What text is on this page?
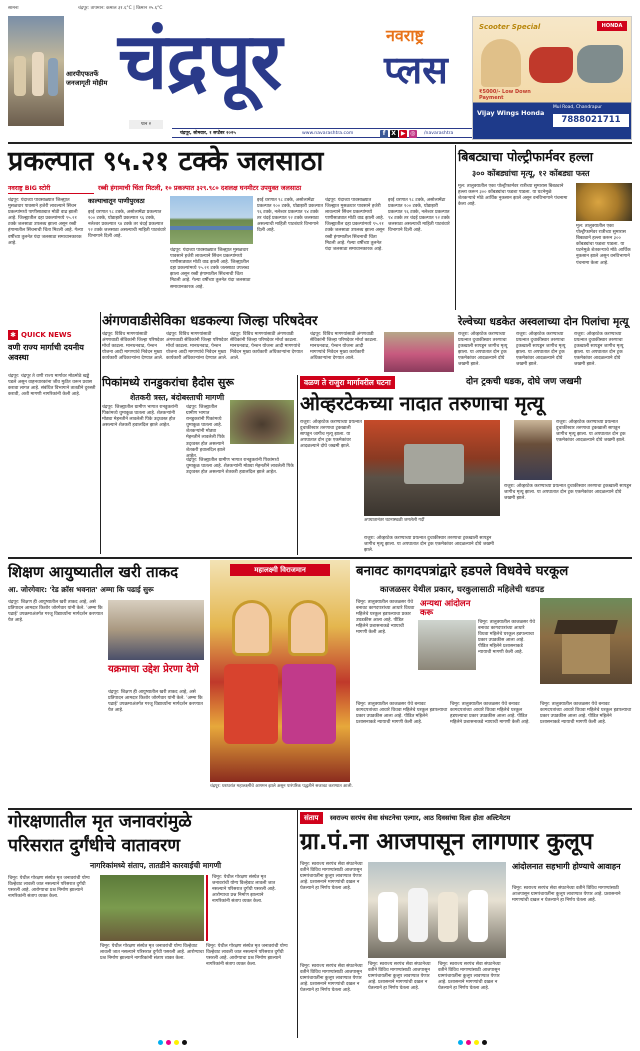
सामना	चंद्रपूर: तापमान: कमाल ३१.६°C | किमान २५.६°C
आरपीएफतर्फे जनजागृती मोहीम चंद्रपूर	नवराष्ट्र
प्लस
पान २
चंद्रपूर, सोमवार, १ सप्टेंबर २०२५	www.navarashtra.com	f X ▶ ◎ /navarashtra
Scooter Special	HONDA
₹5000/- Low Down Payment
Vijay Wings Honda
Mul Road, Chandrapur
7888021711
प्रकल्पात ९५.२१ टक्के जलसाठा
नवराष्ट्र BIG स्टोरी	रब्बी हंगामाची चिंता मिटली, १० प्रकल्पात ३२९.९८० दशलक्ष घनमीटर उपयुक्त जलसाठा
चंद्रपूर: यंदाच्या पावसाळ्यात जिल्ह्यात मुसळधार पावसाने हजेरी लावल्याने सिंचन प्रकल्पांमध्ये पाणीसाठ्यात मोठी वाढ झाली आहे. जिल्ह्यातील दहा प्रकल्पांमध्ये ९५.२१ टक्के जलसाठा उपलब्ध झाला असून रब्बी हंगामातील सिंचनाची चिंता मिटली आहे. गेल्या वर्षीच्या तुलनेत यंदा जलसाठा समाधानकारक आहे.
काल्याचातून पाणीपुरवठा
इरई धरणात ९८ टक्के, असोलामेंढा प्रकल्पात १०० टक्के, घोडाझरी प्रकल्पात ९६ टक्के, नलेश्वर प्रकल्पात ९४ टक्के तर चंदई प्रकल्पात ९२ टक्के जलसाठा असल्याची माहिती पाटबंधारे विभागाने दिली आहे.
चंद्रपूर: यंदाच्या पावसाळ्यात जिल्ह्यात मुसळधार पावसाने हजेरी लावल्याने सिंचन प्रकल्पांमध्ये पाणीसाठ्यात मोठी वाढ झाली आहे. जिल्ह्यातील दहा प्रकल्पांमध्ये ९५.२१ टक्के जलसाठा उपलब्ध झाला असून रब्बी हंगामातील सिंचनाची चिंता मिटली आहे. गेल्या वर्षीच्या तुलनेत यंदा जलसाठा समाधानकारक आहे.
इरई धरणात ९८ टक्के, असोलामेंढा प्रकल्पात १०० टक्के, घोडाझरी प्रकल्पात ९६ टक्के, नलेश्वर प्रकल्पात ९४ टक्के तर चंदई प्रकल्पात ९२ टक्के जलसाठा असल्याची माहिती पाटबंधारे विभागाने दिली आहे.
चंद्रपूर: यंदाच्या पावसाळ्यात जिल्ह्यात मुसळधार पावसाने हजेरी लावल्याने सिंचन प्रकल्पांमध्ये पाणीसाठ्यात मोठी वाढ झाली आहे. जिल्ह्यातील दहा प्रकल्पांमध्ये ९५.२१ टक्के जलसाठा उपलब्ध झाला असून रब्बी हंगामातील सिंचनाची चिंता मिटली आहे. गेल्या वर्षीच्या तुलनेत यंदा जलसाठा समाधानकारक आहे.
इरई धरणात ९८ टक्के, असोलामेंढा प्रकल्पात १०० टक्के, घोडाझरी प्रकल्पात ९६ टक्के, नलेश्वर प्रकल्पात ९४ टक्के तर चंदई प्रकल्पात ९२ टक्के जलसाठा असल्याची माहिती पाटबंधारे विभागाने दिली आहे.
बिबट्याचा पोल्ट्रीफार्मवर हल्ला
३०० कोंबड्यांचा मृत्यू, १२ कोंबड्या फस्त
मूल: तालुक्यातील एका पोल्ट्रीफार्मवर रात्रीच्या सुमारास बिबट्याने हल्ला करून ३०० कोंबड्यांचा फडशा पाडला. या घटनेमुळे शेतकऱ्याचे मोठे आर्थिक नुकसान झाले असून वनविभागाने पंचनामा केला आहे.
मूल: तालुक्यातील एका पोल्ट्रीफार्मवर रात्रीच्या सुमारास बिबट्याने हल्ला करून ३०० कोंबड्यांचा फडशा पाडला. या घटनेमुळे शेतकऱ्याचे मोठे आर्थिक नुकसान झाले असून वनविभागाने पंचनामा केला आहे.
✱ QUICK NEWS
वणी राज्य मार्गाची दयनीय अवस्था
चंद्रपूर: चंद्रपूर ते वणी राज्य मार्गावर मोठमोठे खड्डे पडले असून वाहनधारकांना जीव मुठीत धरून प्रवास करावा लागत आहे. संबंधित विभागाने तातडीने दुरुस्ती करावी, अशी मागणी नागरिकांनी केली आहे.
अंगणवाडीसेविका धडकल्या जिल्हा परिषदेवर
चंद्रपूर: विविध मागण्यांसाठी अंगणवाडी सेविकांनी जिल्हा परिषदेवर मोर्चा काढला. मानधनवाढ, पेन्शन योजना आदी मागण्यांचे निवेदन मुख्य कार्यकारी अधिकाऱ्यांना देण्यात आले.
चंद्रपूर: विविध मागण्यांसाठी अंगणवाडी सेविकांनी जिल्हा परिषदेवर मोर्चा काढला. मानधनवाढ, पेन्शन योजना आदी मागण्यांचे निवेदन मुख्य कार्यकारी अधिकाऱ्यांना देण्यात आले.
चंद्रपूर: विविध मागण्यांसाठी अंगणवाडी सेविकांनी जिल्हा परिषदेवर मोर्चा काढला. मानधनवाढ, पेन्शन योजना आदी मागण्यांचे निवेदन मुख्य कार्यकारी अधिकाऱ्यांना देण्यात आले.
चंद्रपूर: विविध मागण्यांसाठी अंगणवाडी सेविकांनी जिल्हा परिषदेवर मोर्चा काढला. मानधनवाढ, पेन्शन योजना आदी मागण्यांचे निवेदन मुख्य कार्यकारी अधिकाऱ्यांना देण्यात आले.
रेल्वेच्या धडकेत अस्वलाच्या दोन पिलांचा मृत्यू
राजुरा: ओव्हरटेक करण्याच्या प्रयत्नात दुचाकीस्वार तरुणाचा ट्रकखाली सापडून जागीच मृत्यू झाला. या अपघातात दोन ट्रक एकमेकांवर आदळल्याने दोघे जखमी झाले.
राजुरा: ओव्हरटेक करण्याच्या प्रयत्नात दुचाकीस्वार तरुणाचा ट्रकखाली सापडून जागीच मृत्यू झाला. या अपघातात दोन ट्रक एकमेकांवर आदळल्याने दोघे जखमी झाले.
राजुरा: ओव्हरटेक करण्याच्या प्रयत्नात दुचाकीस्वार तरुणाचा ट्रकखाली सापडून जागीच मृत्यू झाला. या अपघातात दोन ट्रक एकमेकांवर आदळल्याने दोघे जखमी झाले.
पिकांमध्ये रानडुकरांचा हैदोस सुरू
शेतकरी त्रस्त, बंदोबस्ताची मागणी
चंद्रपूर: जिल्ह्यातील ग्रामीण भागात रानडुकरांनी पिकांमध्ये धुमाकूळ घातला आहे. शेतकऱ्यांनी मोठ्या मेहनतीने लावलेली पिके उद्ध्वस्त होत असल्याने शेतकरी हवालदिल झाले आहेत.
चंद्रपूर: जिल्ह्यातील ग्रामीण भागात रानडुकरांनी पिकांमध्ये धुमाकूळ घातला आहे. शेतकऱ्यांनी मोठ्या मेहनतीने लावलेली पिके उद्ध्वस्त होत असल्याने शेतकरी हवालदिल झाले आहेत.
चंद्रपूर: जिल्ह्यातील ग्रामीण भागात रानडुकरांनी पिकांमध्ये धुमाकूळ घातला आहे. शेतकऱ्यांनी मोठ्या मेहनतीने लावलेली पिके उद्ध्वस्त होत असल्याने शेतकरी हवालदिल झाले आहेत.
वळण ते राजुरा मार्गावरील घटना	दोन ट्रकची धडक, दोघे जण जखमी
ओव्हरटेकच्या नादात तरुणाचा मृत्यू
राजुरा: ओव्हरटेक करण्याच्या प्रयत्नात दुचाकीस्वार तरुणाचा ट्रकखाली सापडून जागीच मृत्यू झाला. या अपघातात दोन ट्रक एकमेकांवर आदळल्याने दोघे जखमी झाले.
अपघातानंतर घटनास्थळी जमलेली गर्दी
राजुरा: ओव्हरटेक करण्याच्या प्रयत्नात दुचाकीस्वार तरुणाचा ट्रकखाली सापडून जागीच मृत्यू झाला. या अपघातात दोन ट्रक एकमेकांवर आदळल्याने दोघे जखमी झाले.
राजुरा: ओव्हरटेक करण्याच्या प्रयत्नात दुचाकीस्वार तरुणाचा ट्रकखाली सापडून जागीच मृत्यू झाला. या अपघातात दोन ट्रक एकमेकांवर आदळल्याने दोघे जखमी झाले.
राजुरा: ओव्हरटेक करण्याच्या प्रयत्नात दुचाकीस्वार तरुणाचा ट्रकखाली सापडून जागीच मृत्यू झाला. या अपघातात दोन ट्रक एकमेकांवर आदळल्याने दोघे जखमी झाले.
शिक्षण आयुष्यातील खरी ताकद
आ. जोरगेवार: 'रेड क्रॉस भवनात' अम्मा कि पढाई सुरू
चंद्रपूर: शिक्षण ही आयुष्यातील खरी ताकद आहे, असे प्रतिपादन आमदार किशोर जोरगेवार यांनी केले. 'अम्मा कि पढाई' उपक्रमाअंतर्गत गरजू विद्यार्थ्यांना मार्गदर्शन करण्यात येत आहे.
यक्रमाचा उद्देश प्रेरणा देणे
चंद्रपूर: शिक्षण ही आयुष्यातील खरी ताकद आहे, असे प्रतिपादन आमदार किशोर जोरगेवार यांनी केले. 'अम्मा कि पढाई' उपक्रमाअंतर्गत गरजू विद्यार्थ्यांना मार्गदर्शन करण्यात येत आहे.
महालक्ष्मी विराजमान
चंद्रपूर: घराघरांत महालक्ष्मींचे आगमन झाले असून पारंपरिक पद्धतीने सजावट करण्यात आली.
बनावट कागदपत्रांद्वारे हडपले विधवेचे घरकूल
काजळसर येथील प्रकार, घरकुलासाठी महिलेची धडपड
चिमूर: तालुक्यातील काजळसर येथे बनावट कागदपत्रांच्या आधारे विधवा महिलेचे घरकूल हडपल्याचा प्रकार उघडकीस आला आहे. पीडित महिलेने प्रशासनाकडे न्यायाची मागणी केली आहे.
अन्यथा आंदोलन करू
चिमूर: तालुक्यातील काजळसर येथे बनावट कागदपत्रांच्या आधारे विधवा महिलेचे घरकूल हडपल्याचा प्रकार उघडकीस आला आहे. पीडित महिलेने प्रशासनाकडे न्यायाची मागणी केली आहे.
चिमूर: तालुक्यातील काजळसर येथे बनावट कागदपत्रांच्या आधारे विधवा महिलेचे घरकूल हडपल्याचा प्रकार उघडकीस आला आहे. पीडित महिलेने प्रशासनाकडे न्यायाची मागणी केली आहे.
चिमूर: तालुक्यातील काजळसर येथे बनावट कागदपत्रांच्या आधारे विधवा महिलेचे घरकूल हडपल्याचा प्रकार उघडकीस आला आहे. पीडित महिलेने प्रशासनाकडे न्यायाची मागणी केली आहे.
चिमूर: तालुक्यातील काजळसर येथे बनावट कागदपत्रांच्या आधारे विधवा महिलेचे घरकूल हडपल्याचा प्रकार उघडकीस आला आहे. पीडित महिलेने प्रशासनाकडे न्यायाची मागणी केली आहे.
गोरक्षणातील मृत जनावरांमुळे
परिसरात दुर्गंधीचे वातावरण
नागरिकांमध्ये संताप, तातडीने कारवाईची मागणी
चिमूर: येथील गोरक्षण संस्थेत मृत जनावरांची योग्य विल्हेवाट लावली जात नसल्याने परिसरात दुर्गंधी पसरली आहे. आरोग्याचा प्रश्न निर्माण झाल्याने नागरिकांनी संताप व्यक्त केला.
चिमूर: येथील गोरक्षण संस्थेत मृत जनावरांची योग्य विल्हेवाट लावली जात नसल्याने परिसरात दुर्गंधी पसरली आहे. आरोग्याचा प्रश्न निर्माण झाल्याने नागरिकांनी संताप व्यक्त केला.
चिमूर: येथील गोरक्षण संस्थेत मृत जनावरांची योग्य विल्हेवाट लावली जात नसल्याने परिसरात दुर्गंधी पसरली आहे. आरोग्याचा प्रश्न निर्माण झाल्याने नागरिकांनी संताप व्यक्त केला.
चिमूर: येथील गोरक्षण संस्थेत मृत जनावरांची योग्य विल्हेवाट लावली जात नसल्याने परिसरात दुर्गंधी पसरली आहे. आरोग्याचा प्रश्न निर्माण झाल्याने नागरिकांनी संताप व्यक्त केला.
संताप	स्वराज्य सरपंच सेवा संघटनेचा एल्गार, आठ दिवसांचा दिला होता अल्टिमेटम
ग्रा.पं.ना आजपासून लागणार कुलूप
चिमूर: स्वराज्य सरपंच सेवा संघटनेच्या वतीने विविध मागण्यांसाठी आजपासून ग्रामपंचायतींना कुलूप लावण्यात येणार आहे. प्रशासनाने मागण्यांची दखल न घेतल्याने हा निर्णय घेतला आहे.
आंदोलनात सहभागी होण्याचे आवाहन
चिमूर: स्वराज्य सरपंच सेवा संघटनेच्या वतीने विविध मागण्यांसाठी आजपासून ग्रामपंचायतींना कुलूप लावण्यात येणार आहे. प्रशासनाने मागण्यांची दखल न घेतल्याने हा निर्णय घेतला आहे.
चिमूर: स्वराज्य सरपंच सेवा संघटनेच्या वतीने विविध मागण्यांसाठी आजपासून ग्रामपंचायतींना कुलूप लावण्यात येणार आहे. प्रशासनाने मागण्यांची दखल न घेतल्याने हा निर्णय घेतला आहे.
चिमूर: स्वराज्य सरपंच सेवा संघटनेच्या वतीने विविध मागण्यांसाठी आजपासून ग्रामपंचायतींना कुलूप लावण्यात येणार आहे. प्रशासनाने मागण्यांची दखल न घेतल्याने हा निर्णय घेतला आहे.
चिमूर: स्वराज्य सरपंच सेवा संघटनेच्या वतीने विविध मागण्यांसाठी आजपासून ग्रामपंचायतींना कुलूप लावण्यात येणार आहे. प्रशासनाने मागण्यांची दखल न घेतल्याने हा निर्णय घेतला आहे.
